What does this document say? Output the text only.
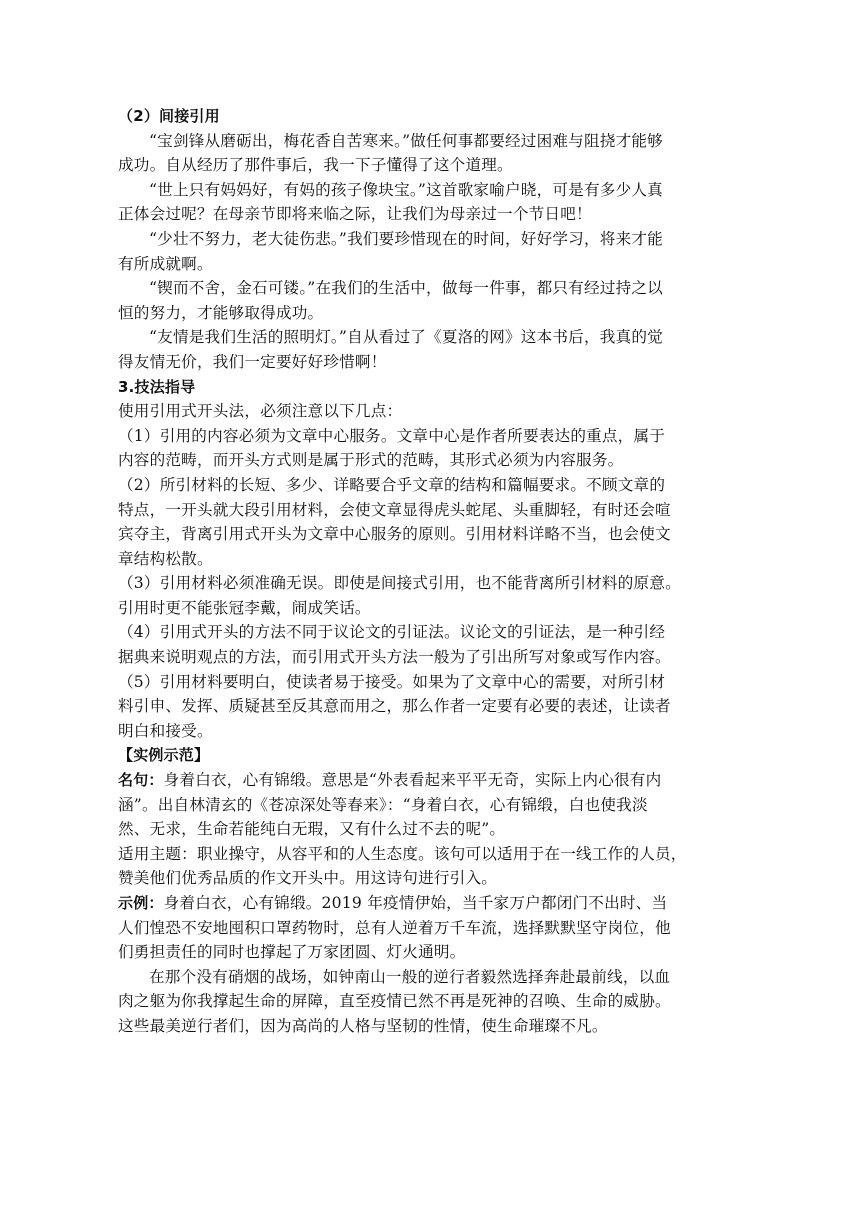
（2）间接引用
“宝剑锋从磨砺出，梅花香自苦寒来。”做任何事都要经过困难与阻挠才能够
成功。自从经历了那件事后，我一下子懂得了这个道理。
“世上只有妈妈好，有妈的孩子像块宝。”这首歌家喻户晓，可是有多少人真
正体会过呢？在母亲节即将来临之际，让我们为母亲过一个节日吧！
“少壮不努力，老大徒伤悲。”我们要珍惜现在的时间，好好学习，将来才能
有所成就啊。
“锲而不舍，金石可镂。”在我们的生活中，做每一件事，都只有经过持之以
恒的努力，才能够取得成功。
“友情是我们生活的照明灯。”自从看过了《夏洛的网》这本书后，我真的觉
得友情无价，我们一定要好好珍惜啊！
3.技法指导
使用引用式开头法，必须注意以下几点：
（1）引用的内容必须为文章中心服务。文章中心是作者所要表达的重点，属于
内容的范畴，而开头方式则是属于形式的范畴，其形式必须为内容服务。
（2）所引材料的长短、多少、详略要合乎文章的结构和篇幅要求。不顾文章的
特点，一开头就大段引用材料，会使文章显得虎头蛇尾、头重脚轻，有时还会喧
宾夺主，背离引用式开头为文章中心服务的原则。引用材料详略不当，也会使文
章结构松散。
（3）引用材料必须准确无误。即使是间接式引用，也不能背离所引材料的原意。
引用时更不能张冠李戴，闹成笑话。
（4）引用式开头的方法不同于议论文的引证法。议论文的引证法，是一种引经
据典来说明观点的方法，而引用式开头方法一般为了引出所写对象或写作内容。
（5）引用材料要明白，使读者易于接受。如果为了文章中心的需要，对所引材
料引申、发挥、质疑甚至反其意而用之，那么作者一定要有必要的表述，让读者
明白和接受。
【实例示范】
名句：身着白衣，心有锦缎。意思是“外表看起来平平无奇，实际上内心很有内
涵”。出自林清玄的《苍凉深处等春来》：“身着白衣，心有锦缎，白也使我淡
然、无求，生命若能纯白无瑕，又有什么过不去的呢”。
适用主题：职业操守，从容平和的人生态度。该句可以适用于在一线工作的人员，
赞美他们优秀品质的作文开头中。用这诗句进行引入。
示例：身着白衣，心有锦缎。2019 年疫情伊始，当千家万户都闭门不出时、当
人们惶恐不安地囤积口罩药物时，总有人逆着万千车流，选择默默坚守岗位，他
们勇担责任的同时也撑起了万家团圆、灯火通明。
在那个没有硝烟的战场，如钟南山一般的逆行者毅然选择奔赴最前线，以血
肉之躯为你我撑起生命的屏障，直至疫情已然不再是死神的召唤、生命的威胁。
这些最美逆行者们，因为高尚的人格与坚韧的性情，使生命璀璨不凡。
